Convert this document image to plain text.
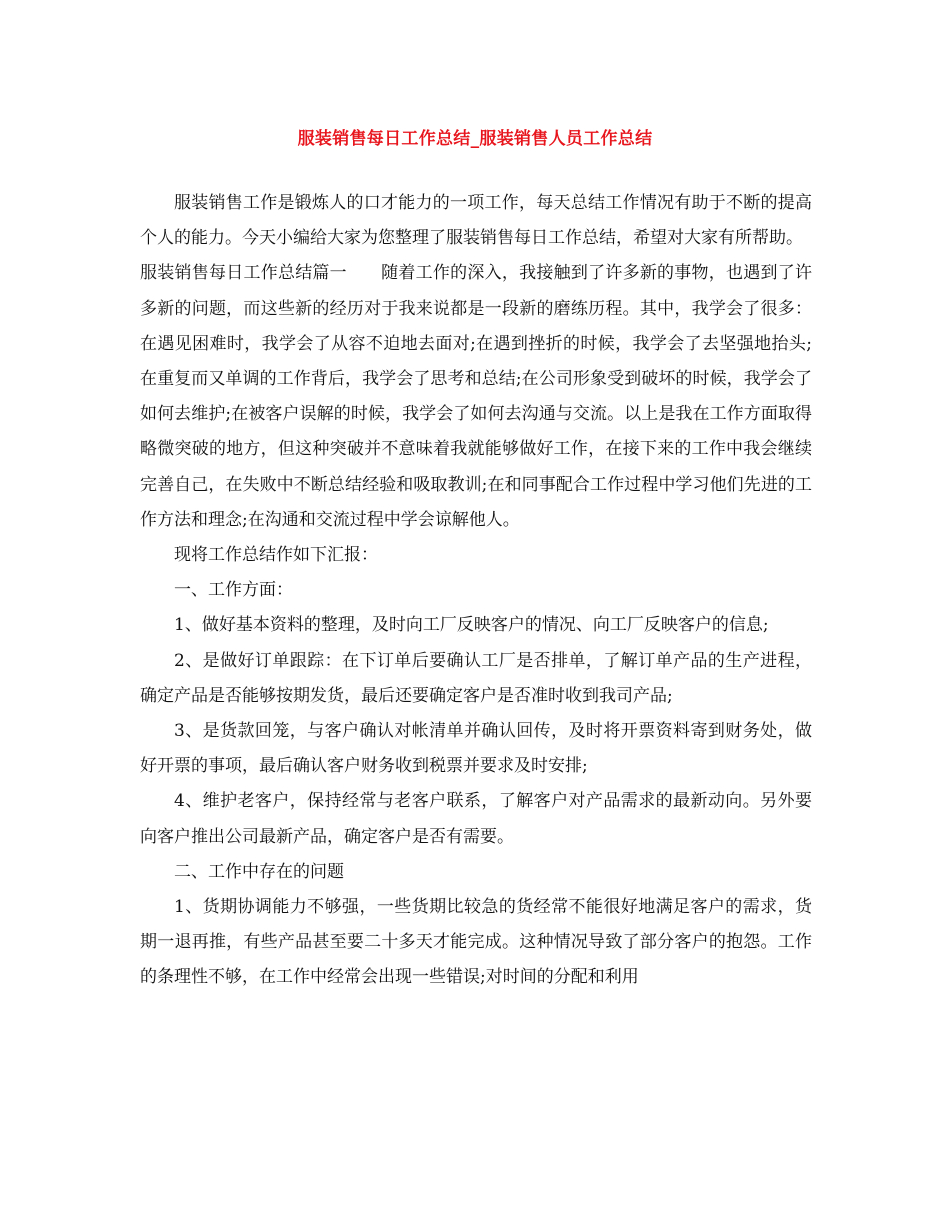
服装销售每日工作总结_服装销售人员工作总结

服装销售工作是锻炼人的口才能力的一项工作，每天总结工作情况有助于不断的提高个人的能力。今天小编给大家为您整理了服装销售每日工作总结，希望对大家有所帮助。

服装销售每日工作总结篇一 随着工作的深入，我接触到了许多新的事物，也遇到了许多新的问题，而这些新的经历对于我来说都是一段新的磨练历程。其中，我学会了很多：在遇见困难时，我学会了从容不迫地去面对;在遇到挫折的时候，我学会了去坚强地抬头;在重复而又单调的工作背后，我学会了思考和总结;在公司形象受到破坏的时候，我学会了如何去维护;在被客户误解的时候，我学会了如何去沟通与交流。以上是我在工作方面取得略微突破的地方，但这种突破并不意味着我就能够做好工作，在接下来的工作中我会继续完善自己，在失败中不断总结经验和吸取教训;在和同事配合工作过程中学习他们先进的工作方法和理念;在沟通和交流过程中学会谅解他人。

现将工作总结作如下汇报：

一、工作方面：

1、做好基本资料的整理，及时向工厂反映客户的情况、向工厂反映客户的信息;

2、是做好订单跟踪：在下订单后要确认工厂是否排单，了解订单产品的生产进程，确定产品是否能够按期发货，最后还要确定客户是否准时收到我司产品;

3、是货款回笼，与客户确认对帐清单并确认回传，及时将开票资料寄到财务处，做好开票的事项，最后确认客户财务收到税票并要求及时安排;

4、维护老客户，保持经常与老客户联系，了解客户对产品需求的最新动向。另外要向客户推出公司最新产品，确定客户是否有需要。

二、工作中存在的问题

1、货期协调能力不够强，一些货期比较急的货经常不能很好地满足客户的需求，货期一退再推，有些产品甚至要二十多天才能完成。这种情况导致了部分客户的抱怨。工作的条理性不够，在工作中经常会出现一些错误;对时间的分配和利用
